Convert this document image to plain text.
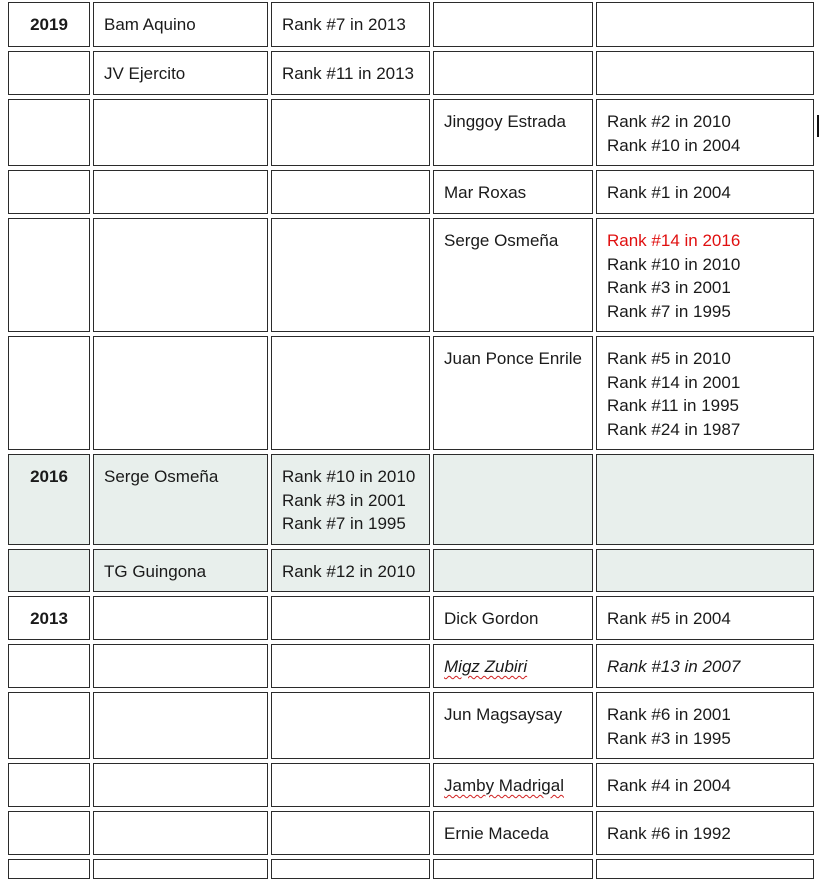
2019	Bam Aquino	Rank #7 in 2013		

	JV Ejercito	Rank #11 in 2013		

			Jinggoy Estrada	Rank #2 in 2010
Rank #10 in 2004

			Mar Roxas	Rank #1 in 2004

			Serge Osmeña	Rank #14 in 2016
Rank #10 in 2010
Rank #3 in 2001
Rank #7 in 1995

			Juan Ponce Enrile	Rank #5 in 2010
Rank #14 in 2001
Rank #11 in 1995
Rank #24 in 1987

2016	Serge Osmeña	Rank #10 in 2010
Rank #3 in 2001
Rank #7 in 1995		

	TG Guingona	Rank #12 in 2010		

2013			Dick Gordon	Rank #5 in 2004

			Migz Zubiri	Rank #13 in 2007

			Jun Magsaysay	Rank #6 in 2001
Rank #3 in 1995

			Jamby Madrigal	Rank #4 in 2004

			Ernie Maceda	Rank #6 in 1992
